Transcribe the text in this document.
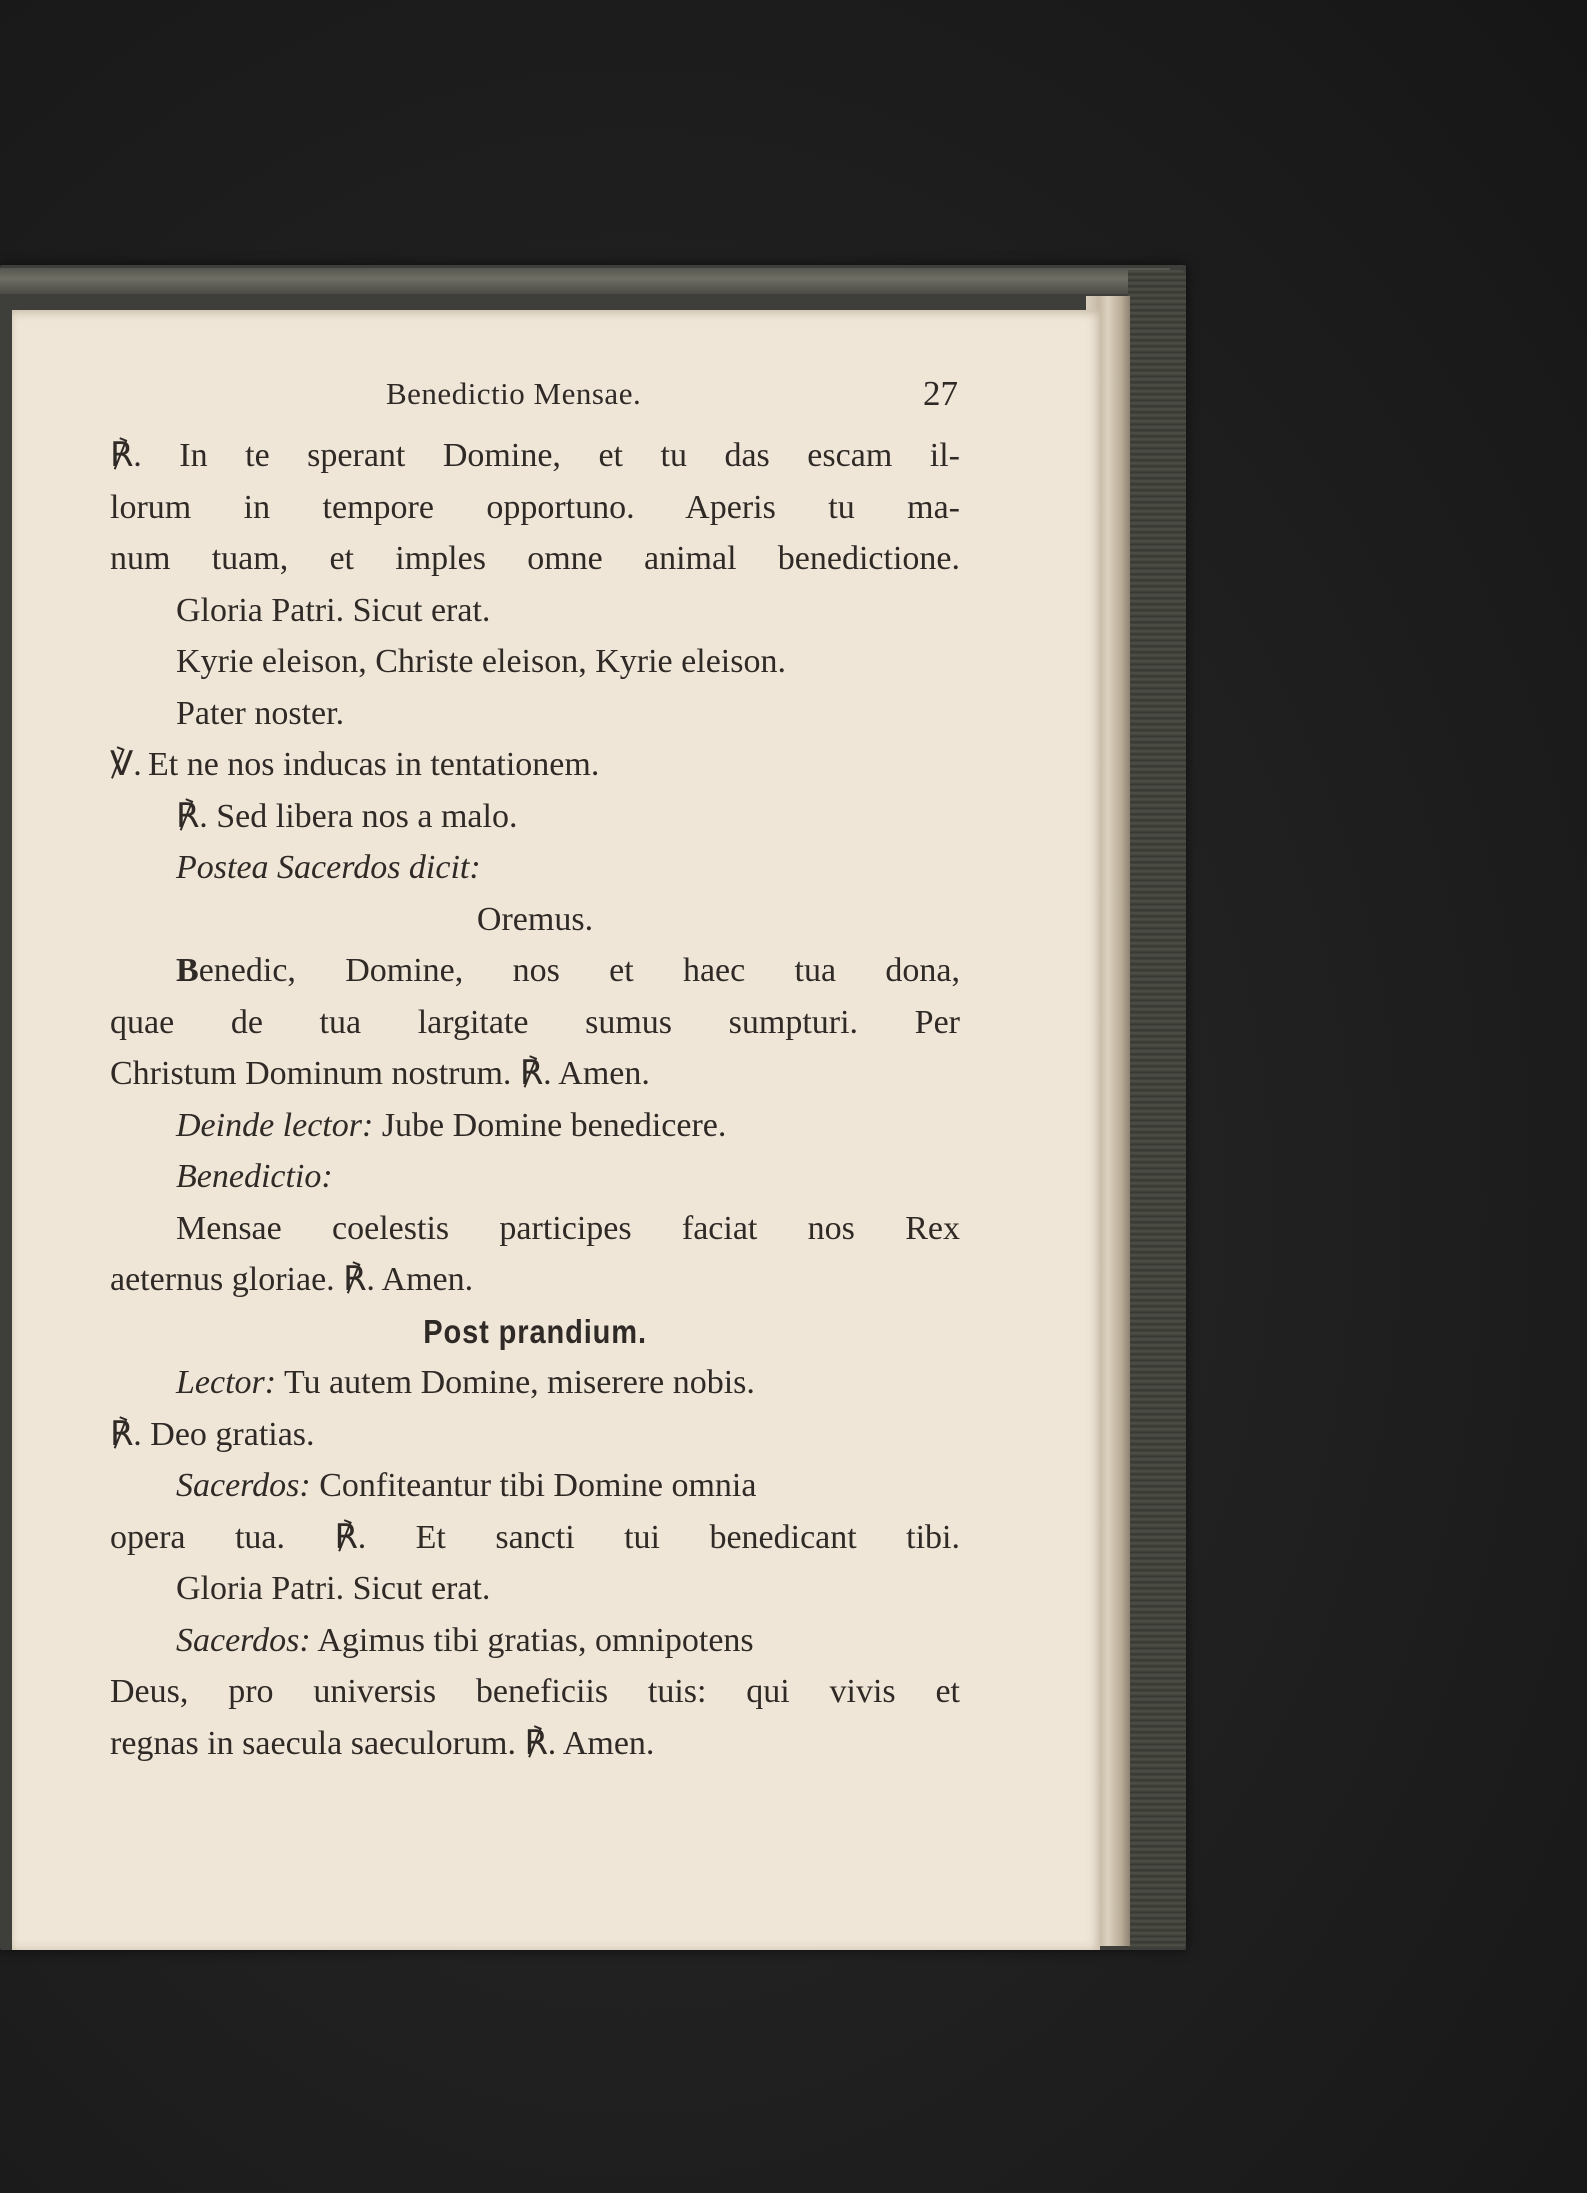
Benedictio Mensae.	27
℟. In te sperant Domine, et tu das escam il-
lorum in tempore opportuno. Aperis tu ma-
num tuam, et imples omne animal benedictione.
Gloria Patri. Sicut erat.
Kyrie eleison, Christe eleison, Kyrie eleison.
Pater noster.
℣. Et ne nos inducas in tentationem.
℟. Sed libera nos a malo.
Postea Sacerdos dicit:
Oremus.
Benedic, Domine, nos et haec tua dona,
quae de tua largitate sumus sumpturi. Per
Christum Dominum nostrum. ℟. Amen.
Deinde lector: Jube Domine benedicere.
Benedictio:
Mensae coelestis participes faciat nos Rex
aeternus gloriae. ℟. Amen.
Post prandium.
Lector: Tu autem Domine, miserere nobis.
℟. Deo gratias.
Sacerdos: Confiteantur tibi Domine omnia
opera tua. ℟. Et sancti tui benedicant tibi.
Gloria Patri. Sicut erat.
Sacerdos: Agimus tibi gratias, omnipotens
Deus, pro universis beneficiis tuis: qui vivis et
regnas in saecula saeculorum. ℟. Amen.
